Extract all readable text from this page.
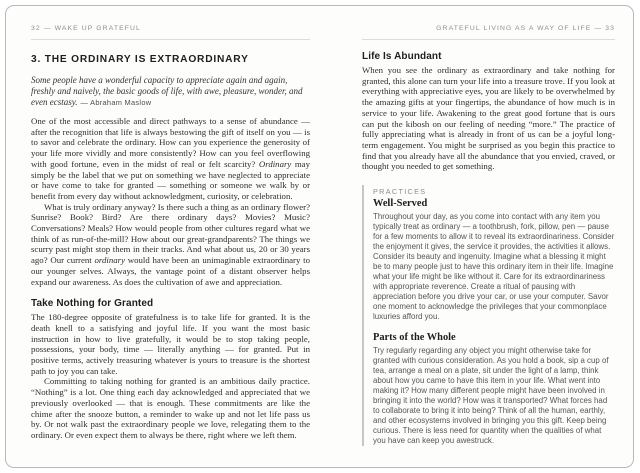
32 — WAKE UP GRATEFUL
3. THE ORDINARY IS EXTRAORDINARY

Some people have a wonderful capacity to appreciate again and again, freshly and naively, the basic goods of life, with awe, pleasure, wonder, and even ecstasy. — Abraham Maslow

One of the most accessible and direct pathways to a sense of abundance — after the recognition that life is always bestowing the gift of itself on you — is to savor and celebrate the ordinary. How can you experience the generosity of your life more vividly and more consistently? How can you feel overflowing with good fortune, even in the midst of real or felt scarcity? Ordinary may simply be the label that we put on something we have neglected to appreciate or have come to take for granted — something or someone we walk by or benefit from every day without acknowledgment, curiosity, or celebration.

What is truly ordinary anyway? Is there such a thing as an ordinary flower? Sunrise? Book? Bird? Are there ordinary days? Movies? Music? Conversations? Meals? How would people from other cultures regard what we think of as run-of-the-mill? How about our great-grandparents? The things we scurry past might stop them in their tracks. And what about us, 20 or 30 years ago? Our current ordinary would have been an unimaginable extraordinary to our younger selves. Always, the vantage point of a distant observer helps expand our awareness. As does the cultivation of awe and appreciation.

Take Nothing for Granted

The 180-degree opposite of gratefulness is to take life for granted. It is the death knell to a satisfying and joyful life. If you want the most basic instruction in how to live gratefully, it would be to stop taking people, possessions, your body, time — literally anything — for granted. Put in positive terms, actively treasuring whatever is yours to treasure is the shortest path to joy you can take.

Committing to taking nothing for granted is an ambitious daily practice. “Nothing” is a lot. One thing each day acknowledged and appreciated that we previously overlooked — that is enough. These commitments are like the chime after the snooze button, a reminder to wake up and not let life pass us by. Or not walk past the extraordinary people we love, relegating them to the ordinary. Or even expect them to always be there, right where we left them.

GRATEFUL LIVING AS A WAY OF LIFE — 33
Life Is Abundant

When you see the ordinary as extraordinary and take nothing for granted, this alone can turn your life into a treasure trove. If you look at everything with appreciative eyes, you are likely to be overwhelmed by the amazing gifts at your fingertips, the abundance of how much is in service to your life. Awakening to the great good fortune that is ours can put the kibosh on our feeling of needing “more.” The practice of fully appreciating what is already in front of us can be a joyful long-term engagement. You might be surprised as you begin this practice to find that you already have all the abundance that you envied, craved, or thought you needed to get something.

PRACTICES
Well-Served
Throughout your day, as you come into contact with any item you typically treat as ordinary — a toothbrush, fork, pillow, pen — pause for a few moments to allow it to reveal its extraordinariness. Consider the enjoyment it gives, the service it provides, the activities it allows. Consider its beauty and ingenuity. Imagine what a blessing it might be to many people just to have this ordinary item in their life. Imagine what your life might be like without it. Care for its extraordinariness with appropriate reverence. Create a ritual of pausing with appreciation before you drive your car, or use your computer. Savor one moment to acknowledge the privileges that your commonplace luxuries afford you.
Parts of the Whole
Try regularly regarding any object you might otherwise take for granted with curious consideration. As you hold a book, sip a cup of tea, arrange a meal on a plate, sit under the light of a lamp, think about how you came to have this item in your life. What went into making it? How many different people might have been involved in bringing it into the world? How was it transported? What forces had to collaborate to bring it into being? Think of all the human, earthly, and other ecosystems involved in bringing you this gift. Keep being curious. There is less need for quantity when the qualities of what you have can keep you awestruck.
